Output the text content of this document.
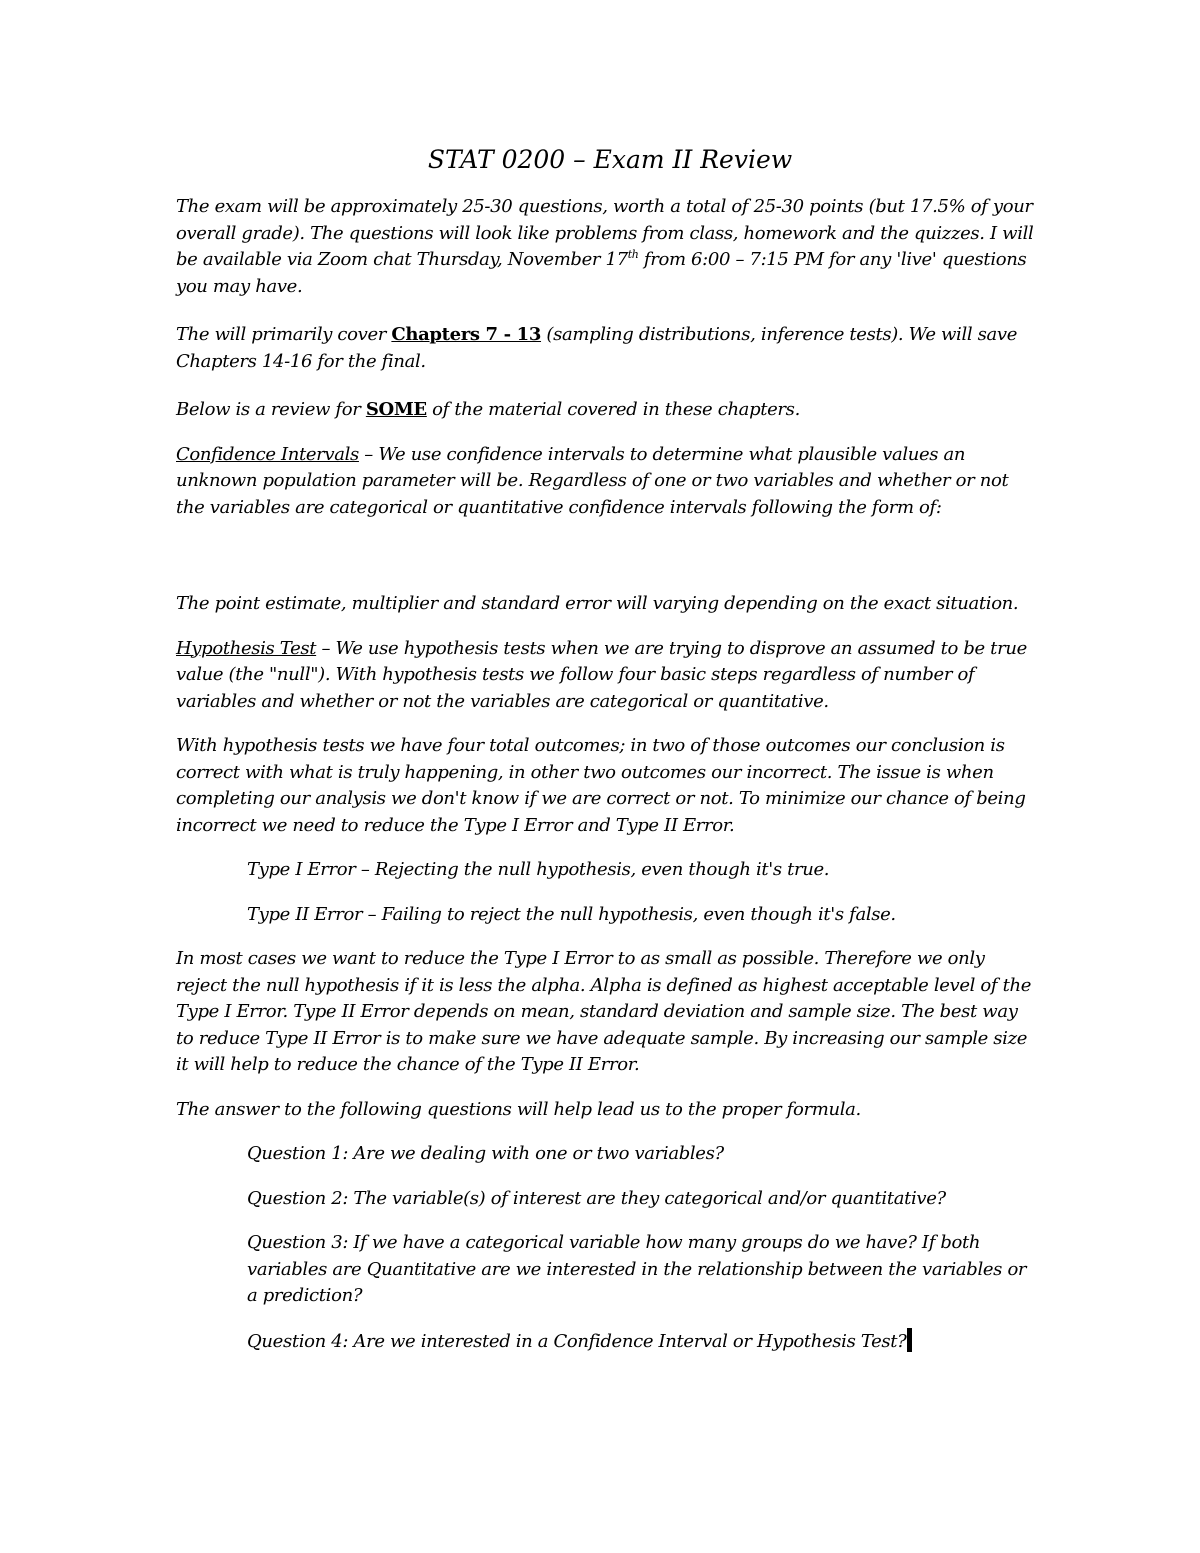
STAT 0200 – Exam II Review

The exam will be approximately 25-30 questions, worth a total of 25-30 points (but 17.5% of your overall grade). The questions will look like problems from class, homework and the quizzes. I will be available via Zoom chat Thursday, November 17th from 6:00 – 7:15 PM for any 'live' questions you may have.

The will primarily cover Chapters 7 - 13 (sampling distributions, inference tests). We will save Chapters 14-16 for the final.

Below is a review for SOME of the material covered in these chapters.

Confidence Intervals – We use confidence intervals to determine what plausible values an unknown population parameter will be. Regardless of one or two variables and whether or not the variables are categorical or quantitative confidence intervals following the form of:

The point estimate, multiplier and standard error will varying depending on the exact situation.

Hypothesis Test – We use hypothesis tests when we are trying to disprove an assumed to be true value (the "null"). With hypothesis tests we follow four basic steps regardless of number of variables and whether or not the variables are categorical or quantitative.

With hypothesis tests we have four total outcomes; in two of those outcomes our conclusion is correct with what is truly happening, in other two outcomes our incorrect. The issue is when completing our analysis we don't know if we are correct or not. To minimize our chance of being incorrect we need to reduce the Type I Error and Type II Error.

Type I Error – Rejecting the null hypothesis, even though it's true.

Type II Error – Failing to reject the null hypothesis, even though it's false.

In most cases we want to reduce the Type I Error to as small as possible. Therefore we only reject the null hypothesis if it is less the alpha. Alpha is defined as highest acceptable level of the Type I Error. Type II Error depends on mean, standard deviation and sample size. The best way to reduce Type II Error is to make sure we have adequate sample. By increasing our sample size it will help to reduce the chance of the Type II Error.

The answer to the following questions will help lead us to the proper formula.

Question 1: Are we dealing with one or two variables?

Question 2: The variable(s) of interest are they categorical and/or quantitative?

Question 3: If we have a categorical variable how many groups do we have? If both variables are Quantitative are we interested in the relationship between the variables or a prediction?

Question 4: Are we interested in a Confidence Interval or Hypothesis Test?
